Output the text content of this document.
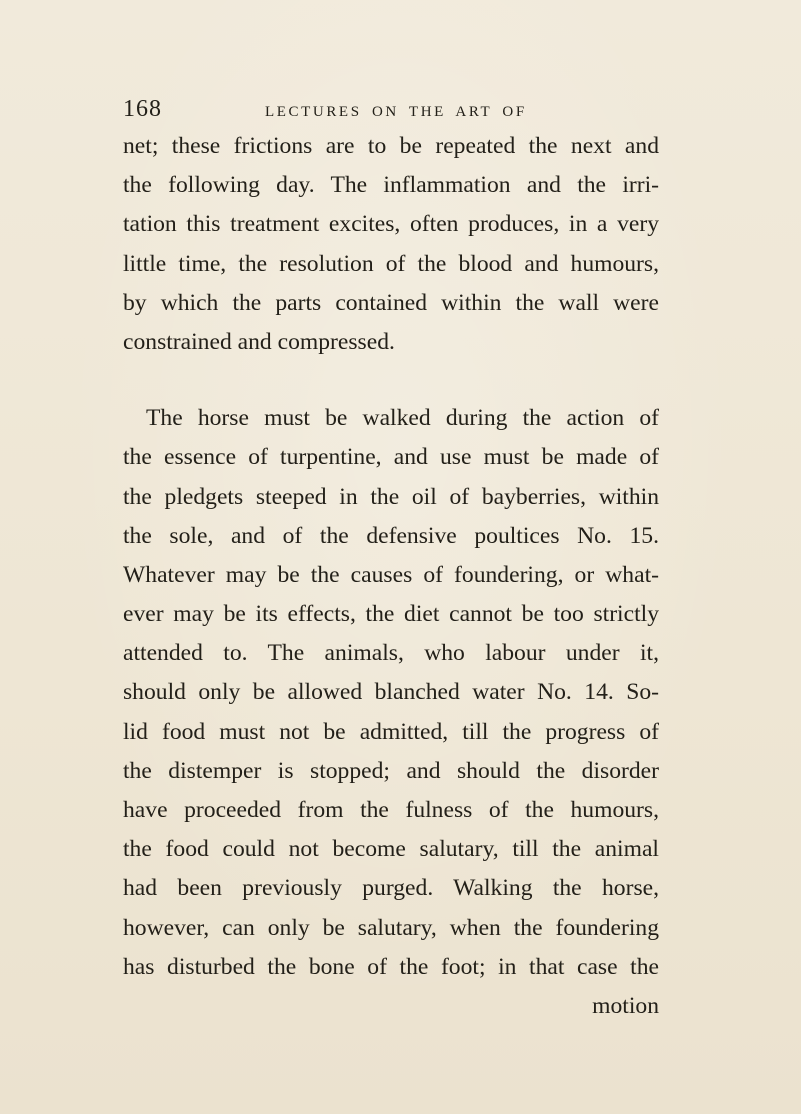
168	LECTURES ON THE ART OF
net; these frictions are to be repeated the next and
the following day. The inflammation and the irri-
tation this treatment excites, often produces, in a very
little time, the resolution of the blood and humours,
by which the parts contained within the wall were
constrained and compressed.
The horse must be walked during the action of
the essence of turpentine, and use must be made of
the pledgets steeped in the oil of bayberries, within
the sole, and of the defensive poultices No. 15.
Whatever may be the causes of foundering, or what-
ever may be its effects, the diet cannot be too strictly
attended to. The animals, who labour under it,
should only be allowed blanched water No. 14. So-
lid food must not be admitted, till the progress of
the distemper is stopped; and should the disorder
have proceeded from the fulness of the humours,
the food could not become salutary, till the animal
had been previously purged. Walking the horse,
however, can only be salutary, when the foundering
has disturbed the bone of the foot; in that case the
motion
